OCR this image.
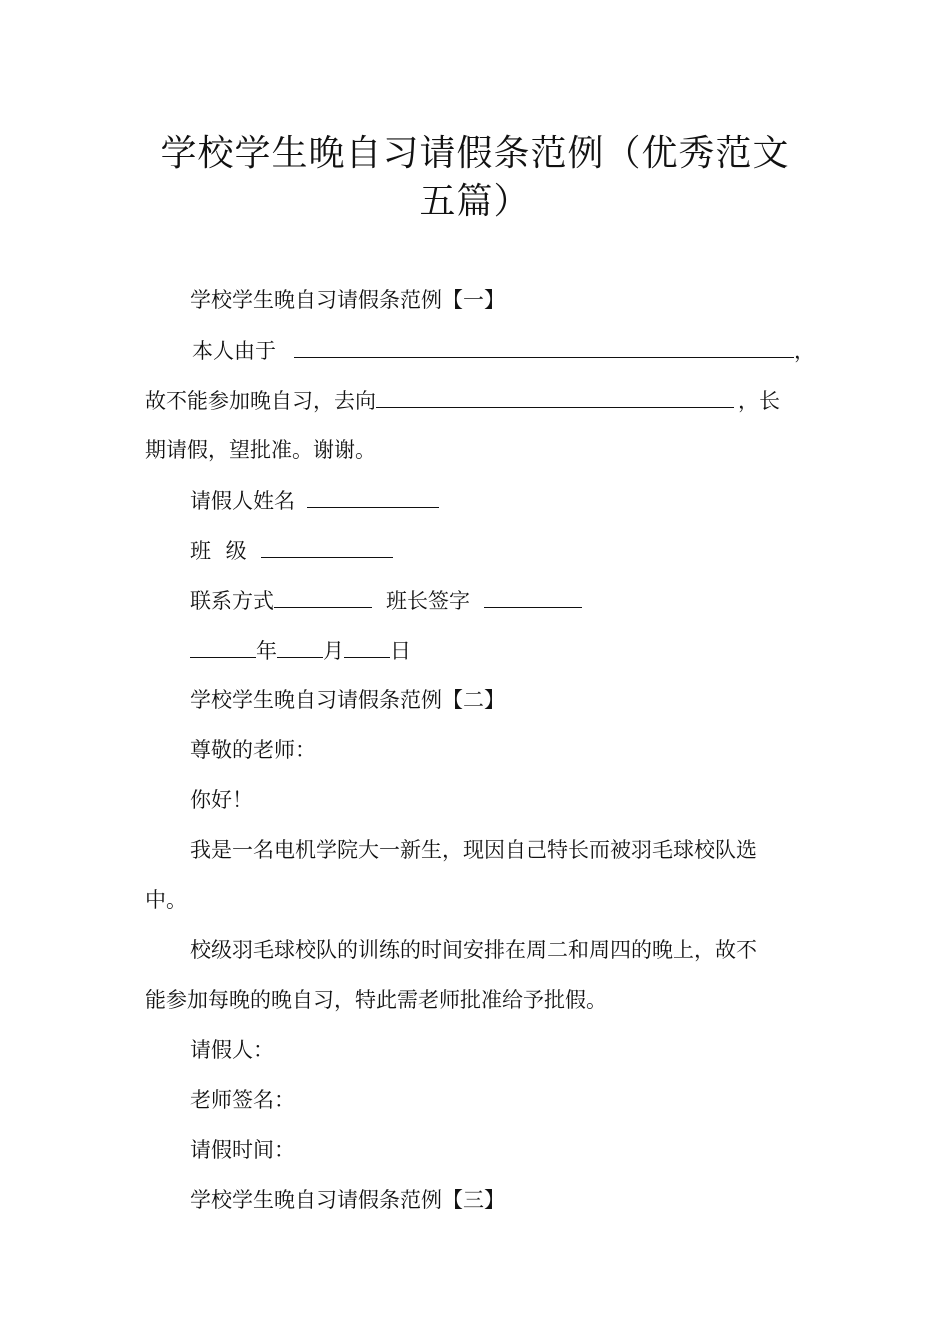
学校学生晚自习请假条范例（优秀范文
五篇）
学校学生晚自习请假条范例【一】
本人由于	，
故不能参加晚自习，去向	，长
期请假，望批准。谢谢。
请假人姓名
班 级
联系方式	班长签字
年 月 日
学校学生晚自习请假条范例【二】
尊敬的老师：
你好！
我是一名电机学院大一新生，现因自己特长而被羽毛球校队选
中。
校级羽毛球校队的训练的时间安排在周二和周四的晚上，故不
能参加每晚的晚自习，特此需老师批准给予批假。
请假人：
老师签名：
请假时间：
学校学生晚自习请假条范例【三】
